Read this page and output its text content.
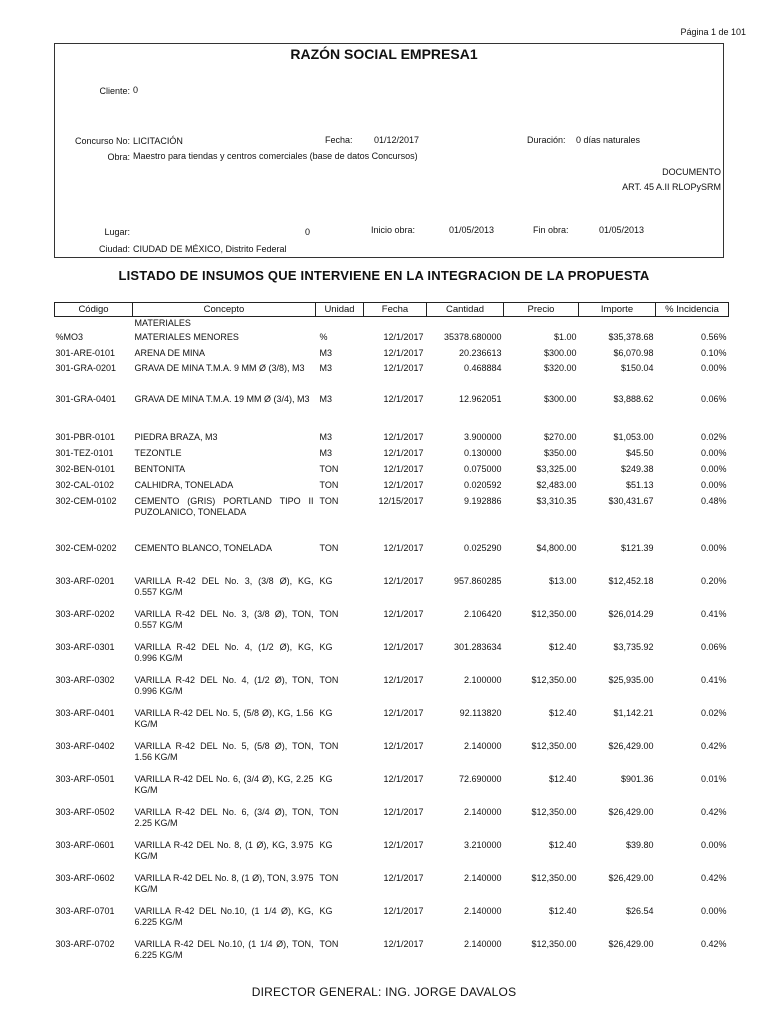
Página 1 de 101
RAZÓN SOCIAL EMPRESA1
Cliente: 0
Concurso No: LICITACIÓN	Fecha: 01/12/2017	Duración: 0 días naturales
Obra: Maestro para tiendas y centros comerciales (base de datos Concursos)
DOCUMENTO
ART. 45 A.II RLOPySRM
Lugar:	0	Inicio obra:	01/05/2013	Fin obra:	01/05/2013
Ciudad: CIUDAD DE MÉXICO, Distrito Federal
LISTADO DE INSUMOS QUE INTERVIENE EN LA INTEGRACION DE LA PROPUESTA
Código	Concepto	Unidad	Fecha	Cantidad	Precio	Importe	% Incidencia
	MATERIALES						
%MO3	MATERIALES MENORES	%	12/1/2017	35378.680000	$1.00	$35,378.68	0.56%
301-ARE-0101	ARENA DE MINA	M3	12/1/2017	20.236613	$300.00	$6,070.98	0.10%
301-GRA-0201	GRAVA DE MINA T.M.A. 9 MM Ø (3/8), M3	M3	12/1/2017	0.468884	$320.00	$150.04	0.00%
301-GRA-0401	GRAVA DE MINA T.M.A. 19 MM Ø (3/4), M3	M3	12/1/2017	12.962051	$300.00	$3,888.62	0.06%
301-PBR-0101	PIEDRA BRAZA, M3	M3	12/1/2017	3.900000	$270.00	$1,053.00	0.02%
301-TEZ-0101	TEZONTLE	M3	12/1/2017	0.130000	$350.00	$45.50	0.00%
302-BEN-0101	BENTONITA	TON	12/1/2017	0.075000	$3,325.00	$249.38	0.00%
302-CAL-0102	CALHIDRA, TONELADA	TON	12/1/2017	0.020592	$2,483.00	$51.13	0.00%
302-CEM-0102	CEMENTO (GRIS) PORTLAND TIPO II PUZOLANICO, TONELADA	TON	12/15/2017	9.192886	$3,310.35	$30,431.67	0.48%
302-CEM-0202	CEMENTO BLANCO, TONELADA	TON	12/1/2017	0.025290	$4,800.00	$121.39	0.00%
303-ARF-0201	VARILLA R-42 DEL No. 3, (3/8 Ø), KG, 0.557 KG/M	KG	12/1/2017	957.860285	$13.00	$12,452.18	0.20%
303-ARF-0202	VARILLA R-42 DEL No. 3, (3/8 Ø), TON, 0.557 KG/M	TON	12/1/2017	2.106420	$12,350.00	$26,014.29	0.41%
303-ARF-0301	VARILLA R-42 DEL No. 4, (1/2 Ø), KG, 0.996 KG/M	KG	12/1/2017	301.283634	$12.40	$3,735.92	0.06%
303-ARF-0302	VARILLA R-42 DEL No. 4, (1/2 Ø), TON, 0.996 KG/M	TON	12/1/2017	2.100000	$12,350.00	$25,935.00	0.41%
303-ARF-0401	VARILLA R-42 DEL No. 5, (5/8 Ø), KG, 1.56 KG/M	KG	12/1/2017	92.113820	$12.40	$1,142.21	0.02%
303-ARF-0402	VARILLA R-42 DEL No. 5, (5/8 Ø), TON, 1.56 KG/M	TON	12/1/2017	2.140000	$12,350.00	$26,429.00	0.42%
303-ARF-0501	VARILLA R-42 DEL No. 6, (3/4 Ø), KG, 2.25 KG/M	KG	12/1/2017	72.690000	$12.40	$901.36	0.01%
303-ARF-0502	VARILLA R-42 DEL No. 6, (3/4 Ø), TON, 2.25 KG/M	TON	12/1/2017	2.140000	$12,350.00	$26,429.00	0.42%
303-ARF-0601	VARILLA R-42 DEL No. 8, (1 Ø), KG, 3.975 KG/M	KG	12/1/2017	3.210000	$12.40	$39.80	0.00%
303-ARF-0602	VARILLA R-42 DEL No. 8, (1 Ø), TON, 3.975 KG/M	TON	12/1/2017	2.140000	$12,350.00	$26,429.00	0.42%
303-ARF-0701	VARILLA R-42 DEL No.10, (1 1/4 Ø), KG, 6.225 KG/M	KG	12/1/2017	2.140000	$12.40	$26.54	0.00%
303-ARF-0702	VARILLA R-42 DEL No.10, (1 1/4 Ø), TON, 6.225 KG/M	TON	12/1/2017	2.140000	$12,350.00	$26,429.00	0.42%
DIRECTOR GENERAL: ING. JORGE DAVALOS
